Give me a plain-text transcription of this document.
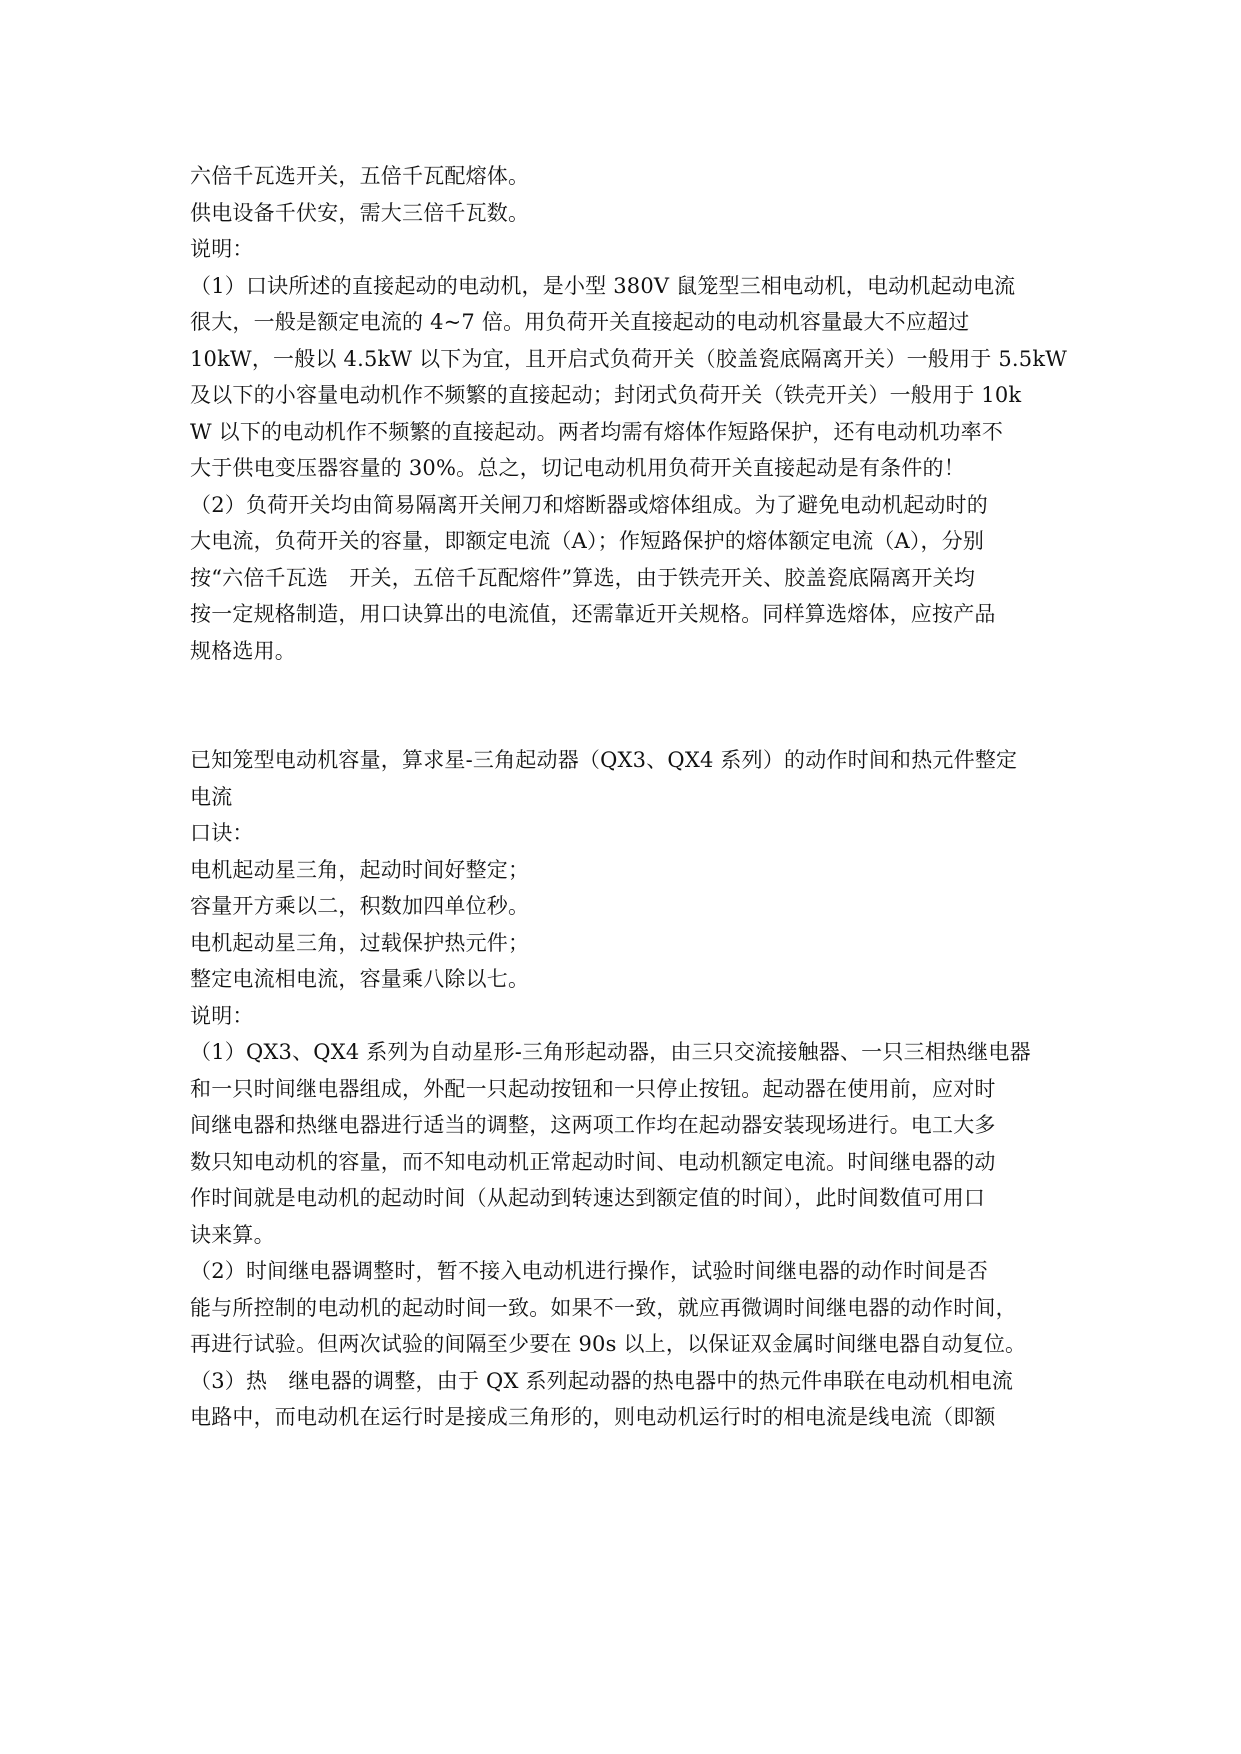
六倍千瓦选开关，五倍千瓦配熔体。
供电设备千伏安，需大三倍千瓦数。
说明：
（1）口诀所述的直接起动的电动机，是小型 380V 鼠笼型三相电动机，电动机起动电流
很大，一般是额定电流的 4~7 倍。用负荷开关直接起动的电动机容量最大不应超过
10kW，一般以 4.5kW 以下为宜，且开启式负荷开关（胶盖瓷底隔离开关）一般用于 5.5kW
及以下的小容量电动机作不频繁的直接起动；封闭式负荷开关（铁壳开关）一般用于 10k
W 以下的电动机作不频繁的直接起动。两者均需有熔体作短路保护，还有电动机功率不
大于供电变压器容量的 30%。总之，切记电动机用负荷开关直接起动是有条件的！
（2）负荷开关均由简易隔离开关闸刀和熔断器或熔体组成。为了避免电动机起动时的
大电流，负荷开关的容量，即额定电流（A）；作短路保护的熔体额定电流（A），分别
按“六倍千瓦选　开关，五倍千瓦配熔件”算选，由于铁壳开关、胶盖瓷底隔离开关均
按一定规格制造，用口诀算出的电流值，还需靠近开关规格。同样算选熔体，应按产品
规格选用。
已知笼型电动机容量，算求星-三角起动器（QX3、QX4 系列）的动作时间和热元件整定
电流
口诀：
电机起动星三角，起动时间好整定；
容量开方乘以二，积数加四单位秒。
电机起动星三角，过载保护热元件；
整定电流相电流，容量乘八除以七。
说明：
（1）QX3、QX4 系列为自动星形-三角形起动器，由三只交流接触器、一只三相热继电器
和一只时间继电器组成，外配一只起动按钮和一只停止按钮。起动器在使用前，应对时
间继电器和热继电器进行适当的调整，这两项工作均在起动器安装现场进行。电工大多
数只知电动机的容量，而不知电动机正常起动时间、电动机额定电流。时间继电器的动
作时间就是电动机的起动时间（从起动到转速达到额定值的时间），此时间数值可用口
诀来算。
（2）时间继电器调整时，暂不接入电动机进行操作，试验时间继电器的动作时间是否
能与所控制的电动机的起动时间一致。如果不一致，就应再微调时间继电器的动作时间，
再进行试验。但两次试验的间隔至少要在 90s 以上，以保证双金属时间继电器自动复位。
（3）热　继电器的调整，由于 QX 系列起动器的热电器中的热元件串联在电动机相电流
电路中，而电动机在运行时是接成三角形的，则电动机运行时的相电流是线电流（即额
